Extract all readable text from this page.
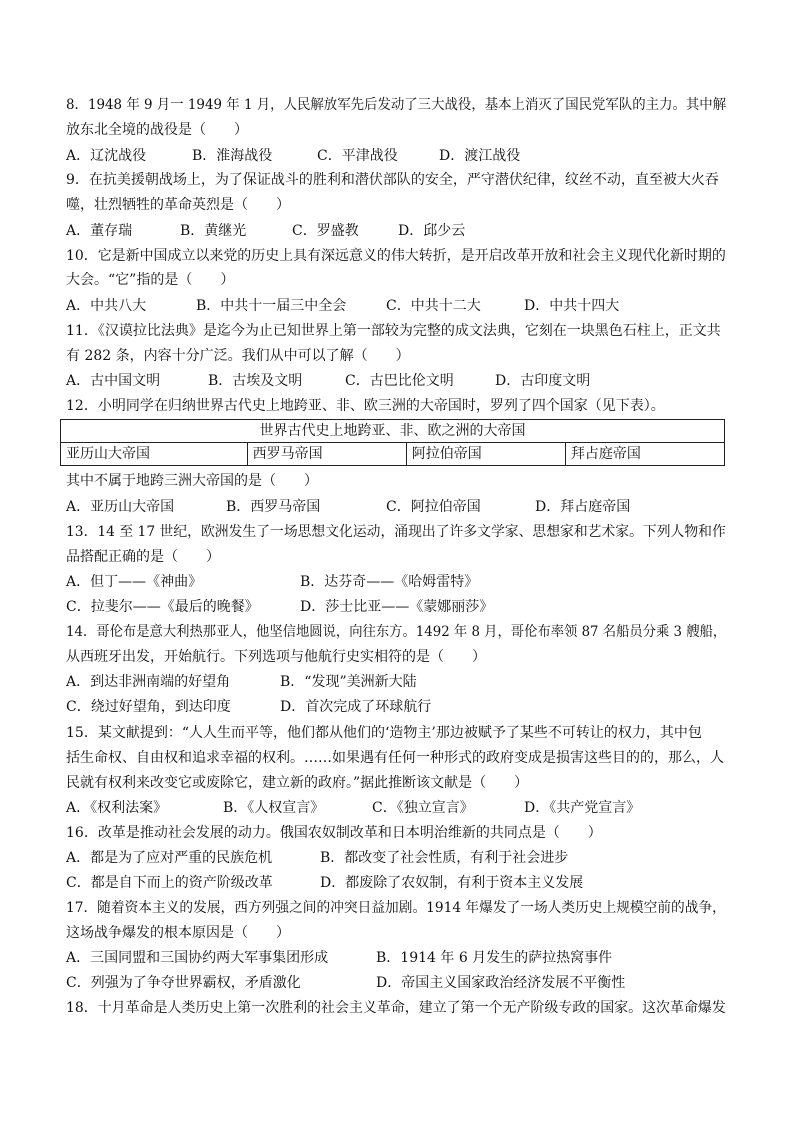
8．1948 年 9 月一 1949 年 1 月，人民解放军先后发动了三大战役，基本上消灭了国民党军队的主力。其中解
放东北全境的战役是（　　）
A．辽沈战役	B．淮海战役	C．平津战役	D．渡江战役
9．在抗美援朝战场上，为了保证战斗的胜利和潜伏部队的安全，严守潜伏纪律，纹丝不动，直至被大火吞
噬，壮烈牺牲的革命英烈是（　　）
A．董存瑞	B．黄继光	C．罗盛教	D．邱少云
10．它是新中国成立以来党的历史上具有深远意义的伟大转折，是开启改革开放和社会主义现代化新时期的
大会。“它”指的是（　　）
A．中共八大	B．中共十一届三中全会	C．中共十二大	D．中共十四大
11．《汉谟拉比法典》是迄今为止已知世界上第一部较为完整的成文法典，它刻在一块黑色石柱上，正文共
有 282 条，内容十分广泛。我们从中可以了解（　　）
A．古中国文明	B．古埃及文明	C．古巴比伦文明	D．古印度文明
12．小明同学在归纳世界古代史上地跨亚、非、欧三洲的大帝国时，罗列了四个国家（见下表）。
世界古代史上地跨亚、非、欧之洲的大帝国
亚历山大帝国	西罗马帝国	阿拉伯帝国	拜占庭帝国
其中不属于地跨三洲大帝国的是（　　）
A．亚历山大帝国	B．西罗马帝国	C．阿拉伯帝国	D．拜占庭帝国
13．14 至 17 世纪，欧洲发生了一场思想文化运动，涌现出了许多文学家、思想家和艺术家。下列人物和作
品搭配正确的是（　　）
A．但丁——《神曲》	B．达芬奇——《哈姆雷特》
C．拉斐尔——《最后的晚餐》	D．莎士比亚——《蒙娜丽莎》
14．哥伦布是意大利热那亚人，他坚信地圆说，向往东方。1492 年 8 月，哥伦布率领 87 名船员分乘 3 艘船，
从西班牙出发，开始航行。下列选项与他航行史实相符的是（　　）
A．到达非洲南端的好望角	B．“发现”美洲新大陆
C．绕过好望角，到达印度	D．首次完成了环球航行
15．某文献提到：“人人生而平等，他们都从他们的‘造物主’那边被赋予了某些不可转让的权力，其中包
括生命权、自由权和追求幸福的权利。……如果遇有任何一种形式的政府变成是损害这些目的的，那么，人
民就有权利来改变它或废除它，建立新的政府。”据此推断该文献是（　　）
A．《权利法案》	B．《人权宣言》	C．《独立宣言》	D．《共产党宣言》
16．改革是推动社会发展的动力。俄国农奴制改革和日本明治维新的共同点是（　　）
A．都是为了应对严重的民族危机	B．都改变了社会性质，有利于社会进步
C．都是自下而上的资产阶级改革	D．都废除了农奴制，有利于资本主义发展
17．随着资本主义的发展，西方列强之间的冲突日益加剧。1914 年爆发了一场人类历史上规模空前的战争，
这场战争爆发的根本原因是（　　）
A．三国同盟和三国协约两大军事集团形成	B．1914 年 6 月发生的萨拉热窝事件
C．列强为了争夺世界霸权，矛盾激化	D．帝国主义国家政治经济发展不平衡性
18．十月革命是人类历史上第一次胜利的社会主义革命，建立了第一个无产阶级专政的国家。这次革命爆发
